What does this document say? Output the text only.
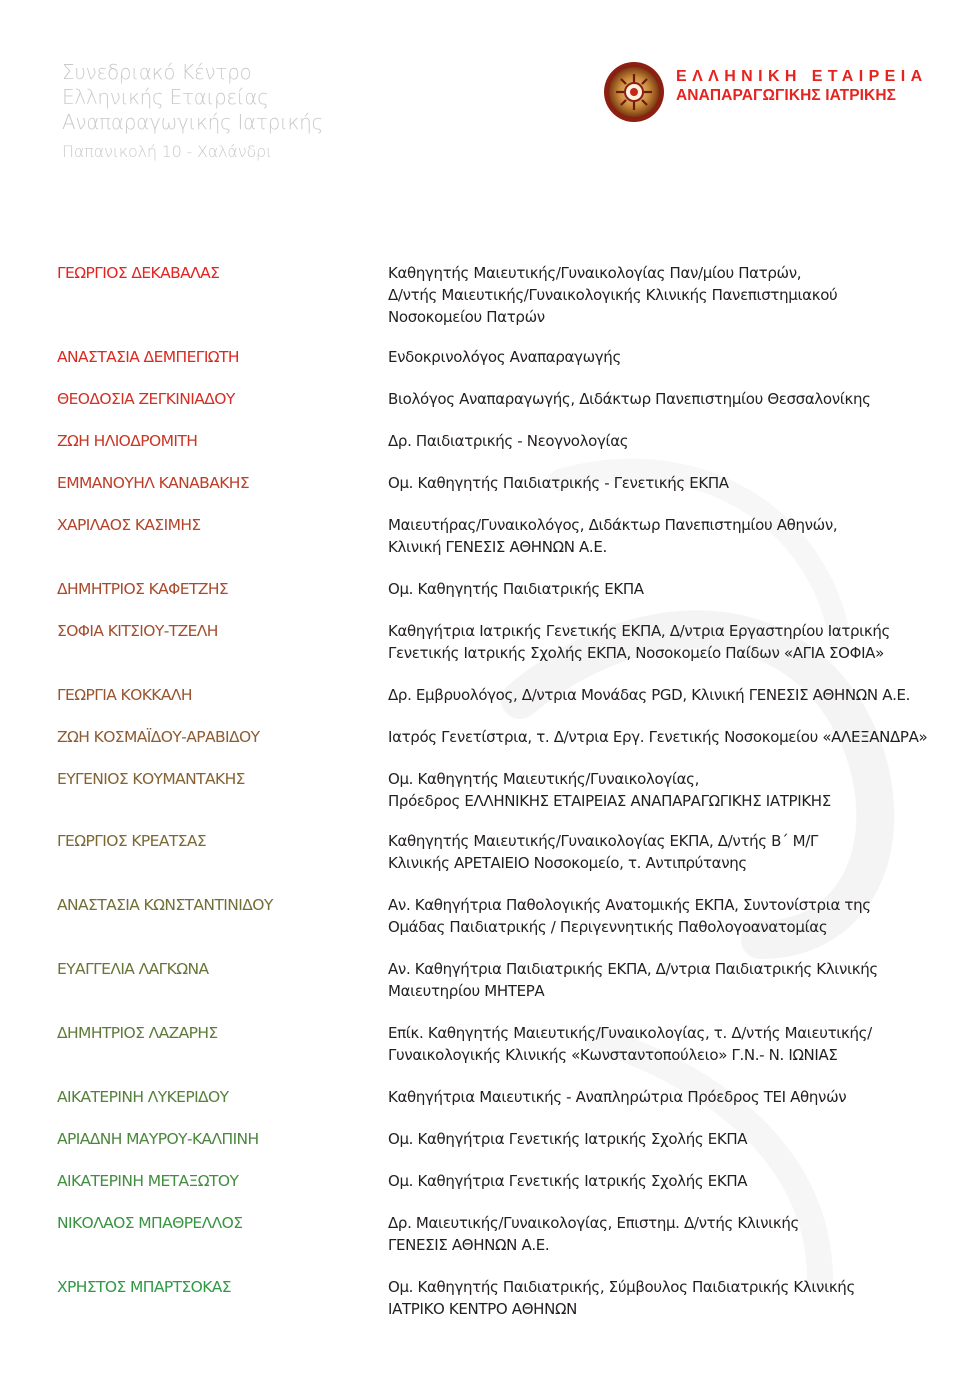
Συνεδριακό Κέντρο
Ελληνικής Εταιρείας
Αναπαραγωγικής Ιατρικής
Παπανικολή 10 - Χαλάνδρι
ΕΛΛΗΝΙΚΗ ΕΤΑΙΡΕΙΑ
ΑΝΑΠΑΡΑΓΩΓΙΚΗΣ ΙΑΤΡΙΚΗΣ
ΓΕΩΡΓΙΟΣ ΔΕΚΑΒΑΛΑΣ	Καθηγητής Μαιευτικής/Γυναικολογίας Παν/μίου Πατρών,
Δ/ντής Μαιευτικής/Γυναικολογικής Κλινικής Πανεπιστημιακού
Νοσοκομείου Πατρών
ΑΝΑΣΤΑΣΙΑ ΔΕΜΠΕΓΙΩΤΗ	Ενδοκρινολόγος Αναπαραγωγής
ΘΕΟΔΟΣΙΑ ΖΕΓΚΙΝΙΑΔΟΥ	Βιολόγος Αναπαραγωγής, Διδάκτωρ Πανεπιστημίου Θεσσαλονίκης
ΖΩΗ ΗΛΙΟΔΡΟΜΙΤΗ	Δρ. Παιδιατρικής - Νεογνολογίας
ΕΜΜΑΝΟΥΗΛ ΚΑΝΑΒΑΚΗΣ	Ομ. Καθηγητής Παιδιατρικής - Γενετικής ΕΚΠΑ
ΧΑΡΙΛΑΟΣ ΚΑΣΙΜΗΣ	Μαιευτήρας/Γυναικολόγος, Διδάκτωρ Πανεπιστημίου Αθηνών,
Κλινική ΓΕΝΕΣΙΣ ΑΘΗΝΩΝ Α.Ε.
ΔΗΜΗΤΡΙΟΣ ΚΑΦΕΤΖΗΣ	Ομ. Καθηγητής Παιδιατρικής ΕΚΠΑ
ΣΟΦΙΑ ΚΙΤΣΙΟΥ-ΤΖΕΛΗ	Καθηγήτρια Ιατρικής Γενετικής ΕΚΠΑ, Δ/ντρια Εργαστηρίου Ιατρικής
Γενετικής Ιατρικής Σχολής ΕΚΠΑ, Νοσοκομείο Παίδων «ΑΓΙΑ ΣΟΦΙΑ»
ΓΕΩΡΓΙΑ ΚΟΚΚΑΛΗ	Δρ. Εμβρυολόγος, Δ/ντρια Μονάδας PGD, Κλινική ΓΕΝΕΣΙΣ ΑΘΗΝΩΝ Α.Ε.
ΖΩΗ ΚΟΣΜΑΪΔΟΥ-ΑΡΑΒΙΔΟΥ	Ιατρός Γενετίστρια, τ. Δ/ντρια Εργ. Γενετικής Νοσοκομείου «ΑΛΕΞΑΝΔΡΑ»
ΕΥΓΕΝΙΟΣ ΚΟΥΜΑΝΤΑΚΗΣ	Ομ. Καθηγητής Μαιευτικής/Γυναικολογίας,
Πρόεδρος ΕΛΛΗΝΙΚΗΣ ΕΤΑΙΡΕΙΑΣ ΑΝΑΠΑΡΑΓΩΓΙΚΗΣ ΙΑΤΡΙΚΗΣ
ΓΕΩΡΓΙΟΣ ΚΡΕΑΤΣΑΣ	Καθηγητής Μαιευτικής/Γυναικολογίας ΕΚΠΑ, Δ/ντής Β΄ Μ/Γ
Κλινικής ΑΡΕΤΑΙΕΙΟ Νοσοκομείο, τ. Αντιπρύτανης
ΑΝΑΣΤΑΣΙΑ ΚΩΝΣΤΑΝΤΙΝΙΔΟΥ	Αν. Καθηγήτρια Παθολογικής Ανατομικής ΕΚΠΑ, Συντονίστρια της
Ομάδας Παιδιατρικής / Περιγεννητικής Παθολογοανατομίας
ΕΥΑΓΓΕΛΙΑ ΛΑΓΚΩΝΑ	Αν. Καθηγήτρια Παιδιατρικής ΕΚΠΑ, Δ/ντρια Παιδιατρικής Κλινικής
Μαιευτηρίου ΜΗΤΕΡΑ
ΔΗΜΗΤΡΙΟΣ ΛΑΖΑΡΗΣ	Επίκ. Καθηγητής Μαιευτικής/Γυναικολογίας, τ. Δ/ντής Μαιευτικής/
Γυναικολογικής Κλινικής «Κωνσταντοπούλειο» Γ.Ν.- Ν. ΙΩΝΙΑΣ
ΑΙΚΑΤΕΡΙΝΗ ΛΥΚΕΡΙΔΟΥ	Καθηγήτρια Μαιευτικής - Αναπληρώτρια Πρόεδρος ΤΕΙ Αθηνών
ΑΡΙΑΔΝΗ ΜΑΥΡΟΥ-ΚΑΛΠΙΝΗ	Ομ. Καθηγήτρια Γενετικής Ιατρικής Σχολής ΕΚΠΑ
ΑΙΚΑΤΕΡΙΝΗ ΜΕΤΑΞΩΤΟΥ	Ομ. Καθηγήτρια Γενετικής Ιατρικής Σχολής ΕΚΠΑ
ΝΙΚΟΛΑΟΣ ΜΠΑΘΡΕΛΛΟΣ	Δρ. Μαιευτικής/Γυναικολογίας, Επιστημ. Δ/ντής Κλινικής
ΓΕΝΕΣΙΣ ΑΘΗΝΩΝ Α.Ε.
ΧΡΗΣΤΟΣ ΜΠΑΡΤΣΟΚΑΣ	Ομ. Καθηγητής Παιδιατρικής, Σύμβουλος Παιδιατρικής Κλινικής
ΙΑΤΡΙΚΟ ΚΕΝΤΡΟ ΑΘΗΝΩΝ
